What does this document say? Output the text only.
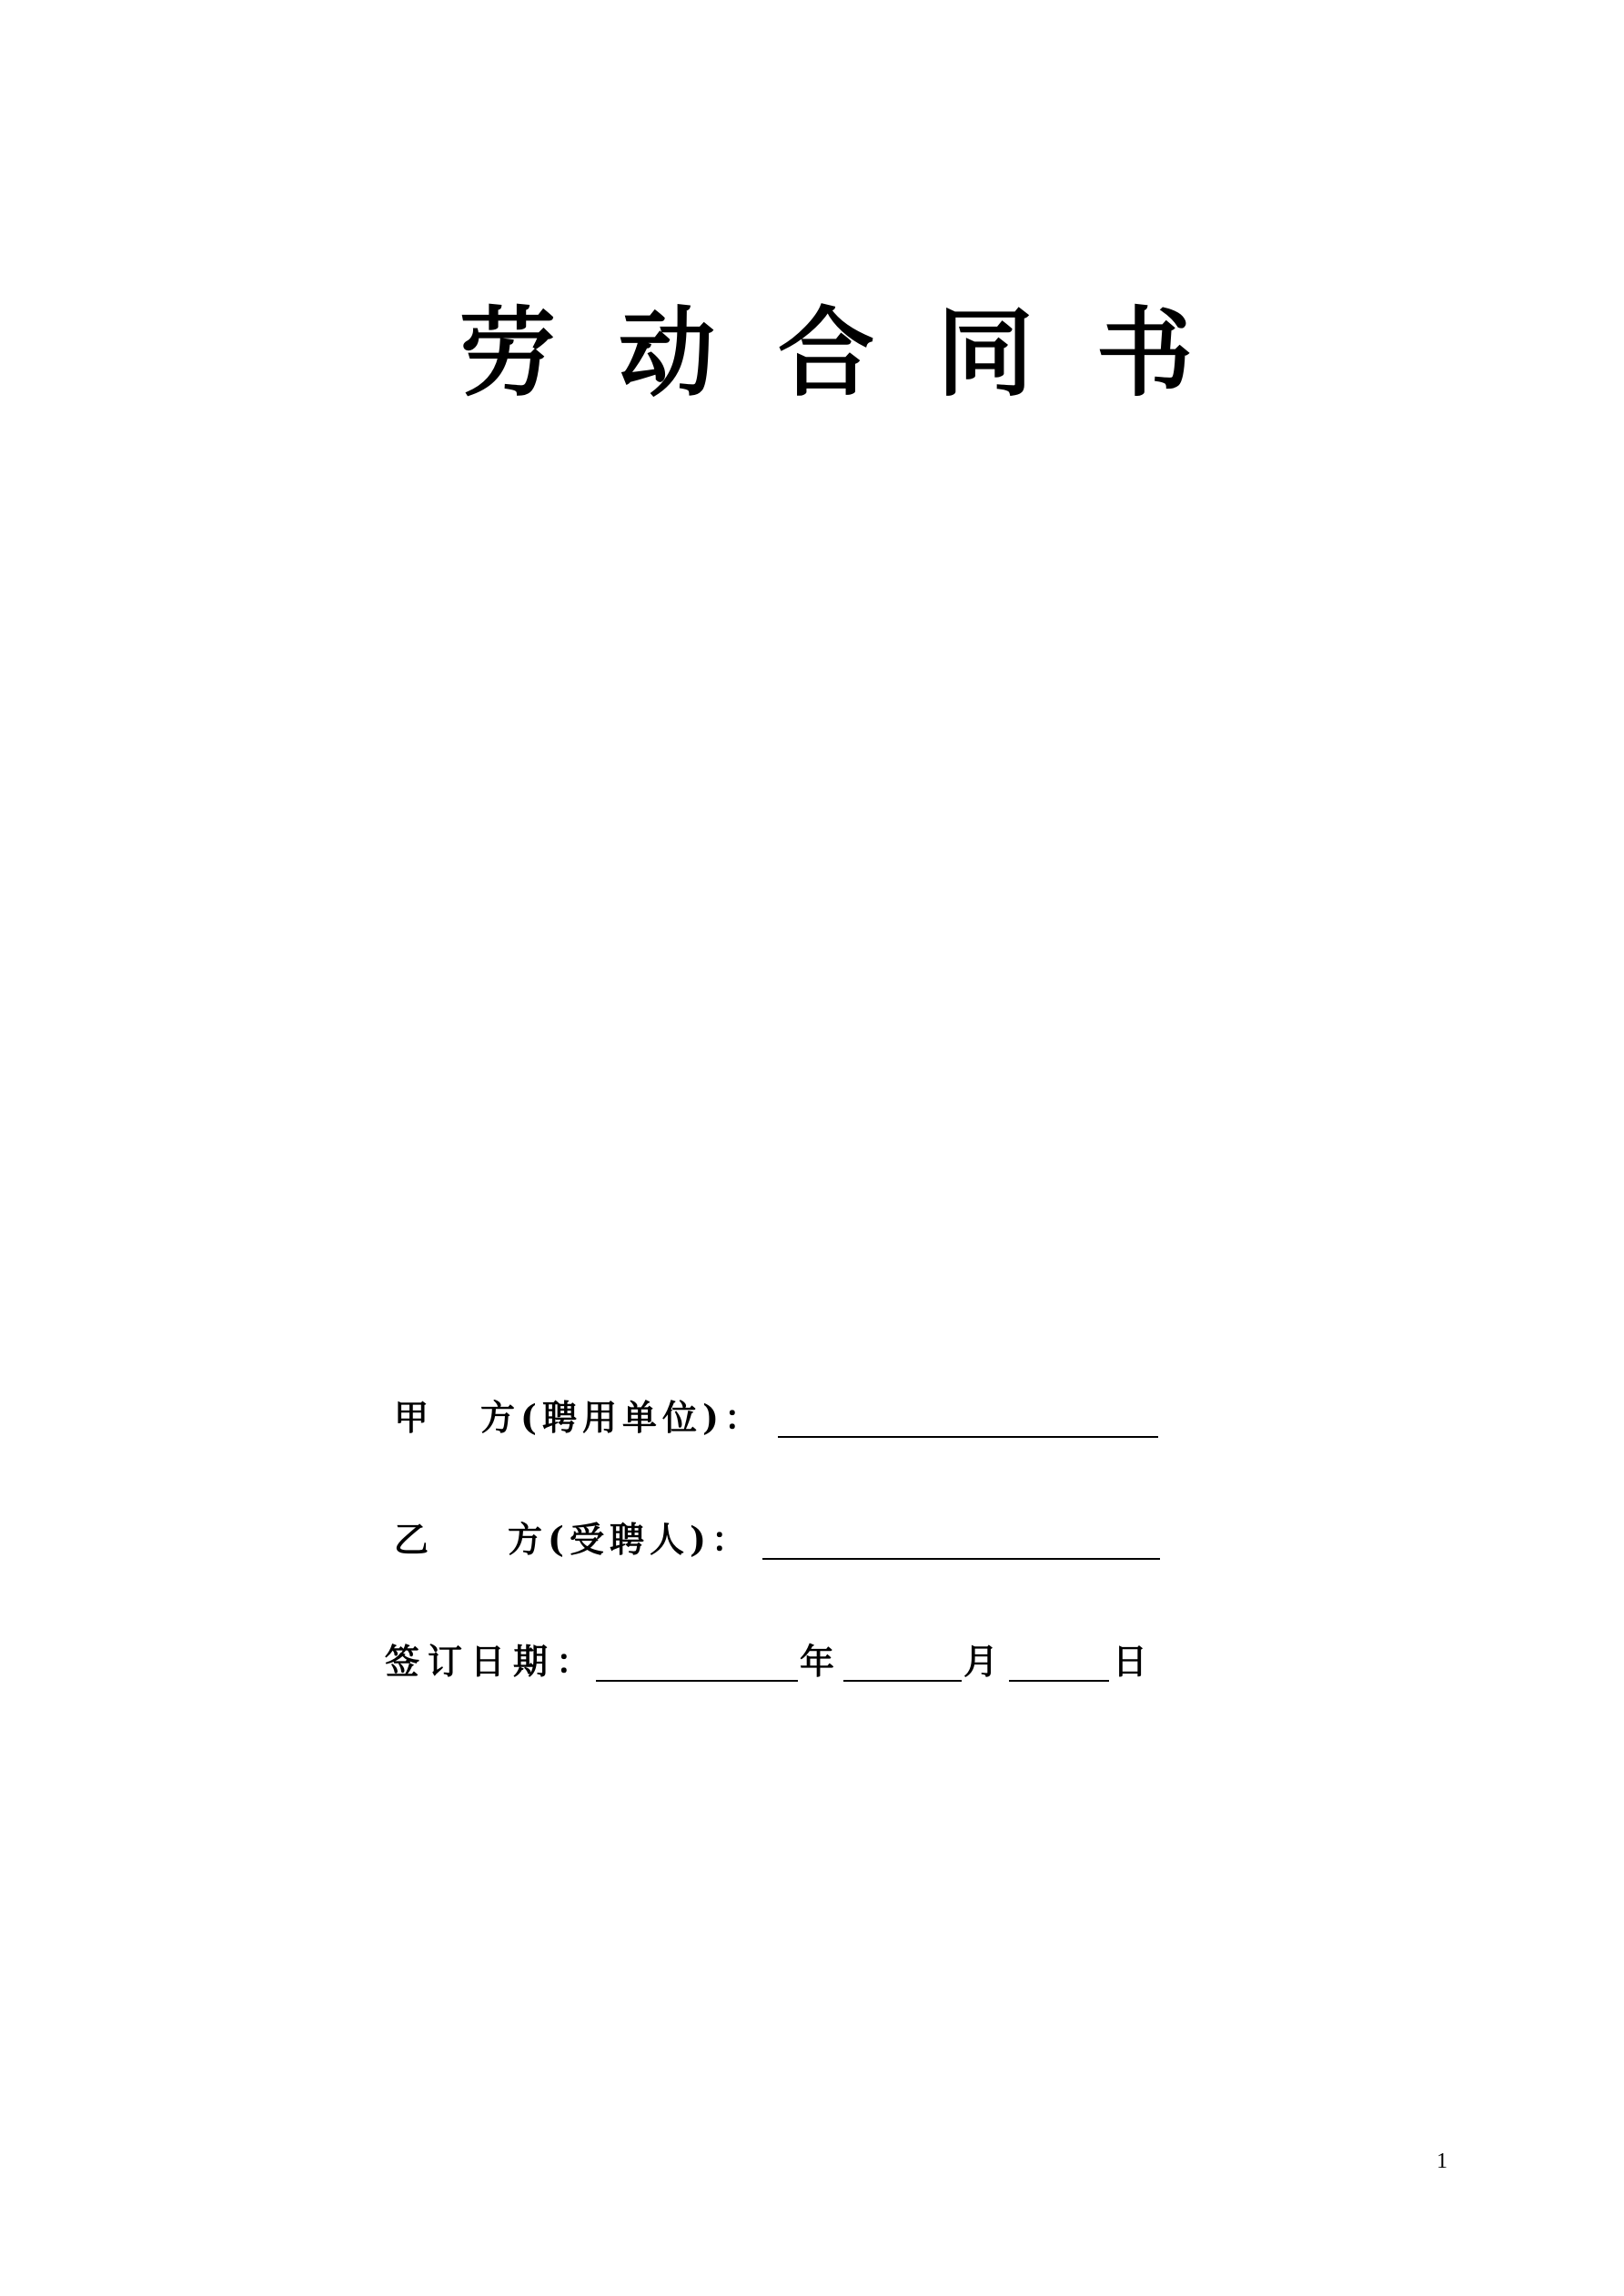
劳 动 合 同 书
甲 方(聘用单位)：
乙 方(受聘人)：
签订日期：	年	月	日
1
